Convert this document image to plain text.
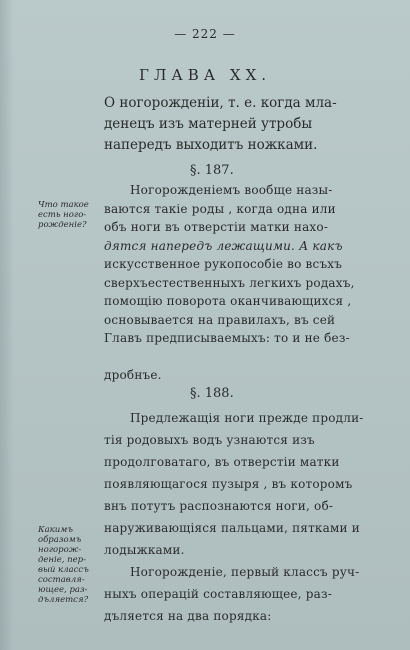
— 222 —
ГЛАВА XX.
О ногорожденіи, т. е. когда мла-
денецъ изъ матерней утробы
напередъ выходитъ ножками.
§. 187.
Что такое
есть ного-
рожденіе?
Ногорожденіемъ вообще назы-
ваются такіе роды , когда одна или
объ ноги въ отверстіи матки нахо-
дятся напередъ лежащими. А какъ
искусственное рукопособіе во всъхъ
сверхъестественныхъ легкихъ родахъ,
помощію поворота оканчивающихся ,
основывается на правилахъ, въ сей
Главъ предписываемыхъ: то и не без-
§. 188.
Предлежащія ноги прежде продли-
тія родовыхъ водъ узнаются изъ
продолговатаго, въ отверстіи матки
появляющагося пузыря , въ которомъ
внъ потутъ распознаются ноги, об-
наруживающіяся пальцами, пятками и
лодыжками.
Ногорожденіе, первый классъ руч-
ныхъ операцій составляющее, раз-
дъляется на два порядка:
Какимъ
образомъ
ногорож-
деніе, пер-
вый классъ
составля-
ющее, раз-
дъляется?
дробнъе.
